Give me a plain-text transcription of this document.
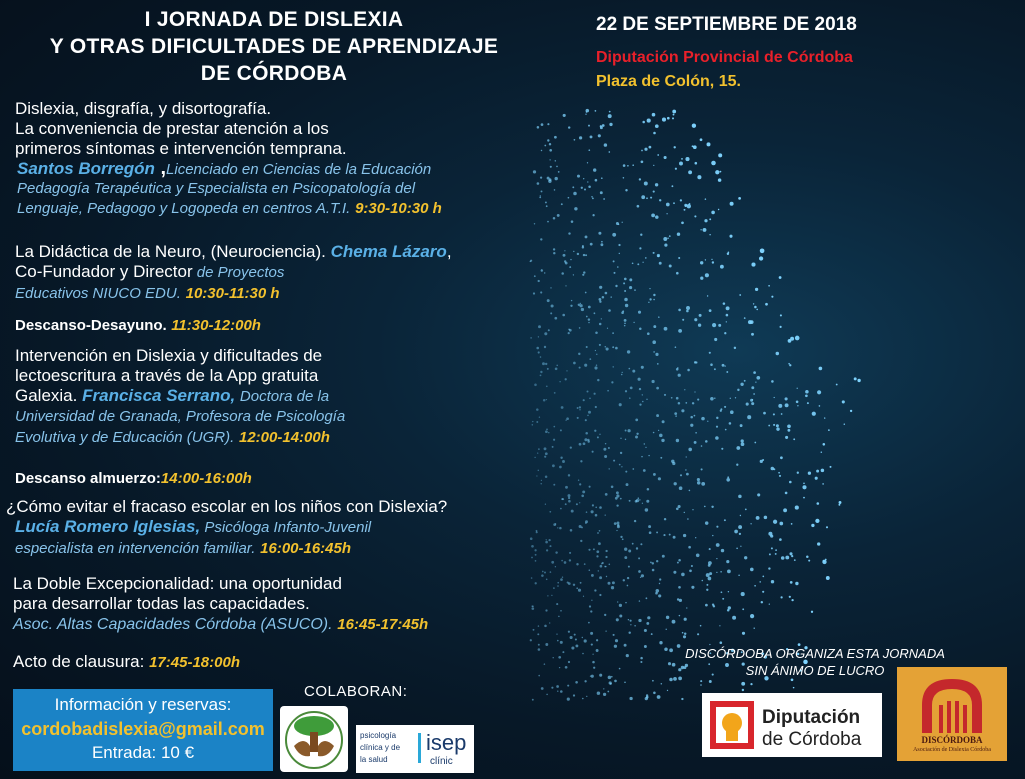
I JORNADA DE DISLEXIA
Y OTRAS DIFICULTADES DE APRENDIZAJE
DE CÓRDOBA
22 DE SEPTIEMBRE DE 2018
Diputación Provincial de Córdoba
Plaza de Colón, 15.
Dislexia, disgrafía, y disortografía.
La conveniencia de prestar atención a los
primeros síntomas e intervención temprana.
Santos Borregón ,Licenciado en Ciencias de la Educación
Pedagogía Terapéutica y Especialista en Psicopatología del
Lenguaje, Pedagogo y Logopeda en centros A.T.I. 9:30-10:30 h
La Didáctica de la Neuro, (Neurociencia). Chema Lázaro,
Co-Fundador y Director de Proyectos
Educativos NIUCO EDU. 10:30-11:30 h
Descanso-Desayuno. 11:30-12:00h
Intervención en Dislexia y dificultades de
lectoescritura a través de la App gratuita
Galexia. Francisca Serrano, Doctora de la
Universidad de Granada, Profesora de Psicología
Evolutiva y de Educación (UGR). 12:00-14:00h
Descanso almuerzo:14:00-16:00h
¿Cómo evitar el fracaso escolar en los niños con Dislexia?
Lucía Romero Iglesias, Psicóloga Infanto-Juvenil
especialista en intervención familiar. 16:00-16:45h
La Doble Excepcionalidad: una oportunidad
para desarrollar todas las capacidades.
Asoc. Altas Capacidades Córdoba (ASUCO). 16:45-17:45h
Acto de clausura: 17:45-18:00h
Información y reservas:
cordobadislexia@gmail.com
Entrada: 10 €
COLABORAN:
psicología
clínica y de
la salud
isep
clínic
DISCÓRDOBA ORGANIZA ESTA JORNADA
SIN ÁNIMO DE LUCRO
Diputación
de Córdoba	DISCÓRDOBA
Asociación de Dislexia Córdoba
